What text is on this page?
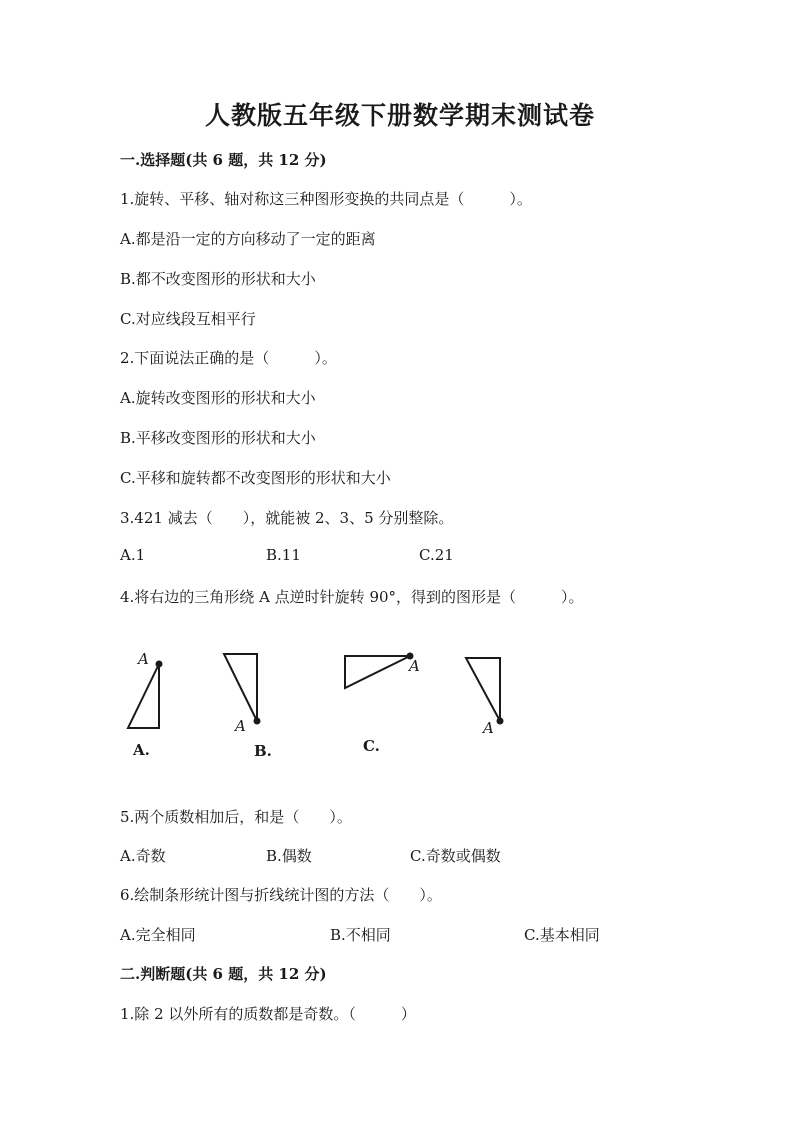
人教版五年级下册数学期末测试卷
一.选择题(共 6 题，共 12 分)
1.旋转、平移、轴对称这三种图形变换的共同点是（　　　）。
A.都是沿一定的方向移动了一定的距离
B.都不改变图形的形状和大小
C.对应线段互相平行
2.下面说法正确的是（　　　）。
A.旋转改变图形的形状和大小
B.平移改变图形的形状和大小
C.平移和旋转都不改变图形的形状和大小
3.421 减去（　　），就能被 2、3、5 分别整除。
A.1	B.11	C.21
4.将右边的三角形绕 A 点逆时针旋转 90°，得到的图形是（　　　）。
A
A.
A
B.
A
C.
A
5.两个质数相加后，和是（　　）。
A.奇数	B.偶数	C.奇数或偶数
6.绘制条形统计图与折线统计图的方法（　　）。
A.完全相同	B.不相同	C.基本相同
二.判断题(共 6 题，共 12 分)
1.除 2 以外所有的质数都是奇数。（　　　）
